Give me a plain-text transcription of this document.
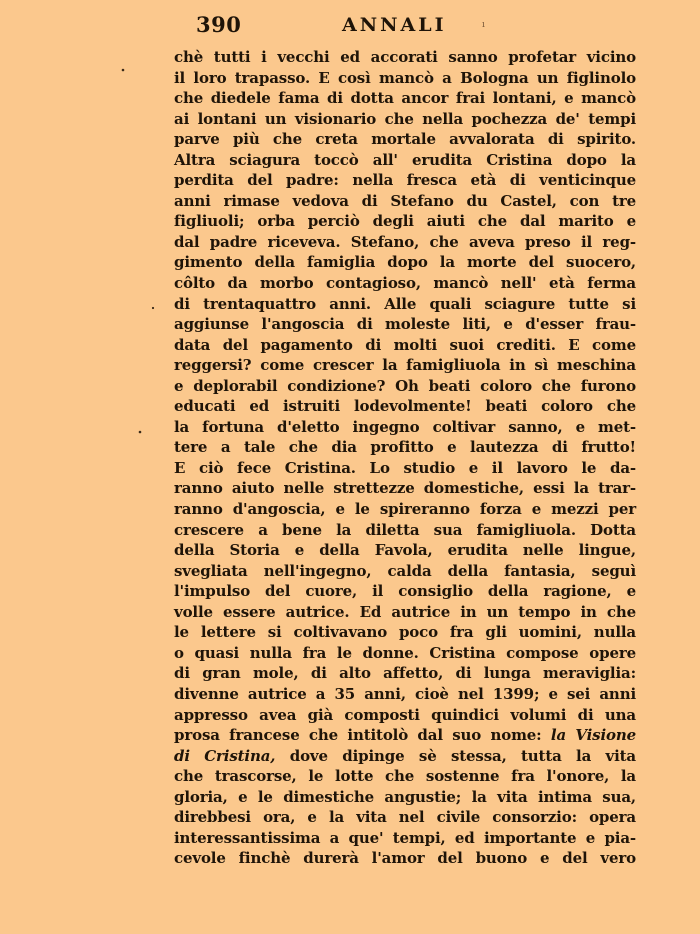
390	ANNALI	ı
chè tutti i vecchi ed accorati sanno profetar vicino
il loro trapasso. E così mancò a Bologna un figlinolo
che diedele fama di dotta ancor frai lontani, e mancò
ai lontani un visionario che nella pochezza de' tempi
parve più che creta mortale avvalorata di spirito.
Altra sciagura toccò all' erudita Cristina dopo la
perdita del padre: nella fresca età di venticinque
anni rimase vedova di Stefano du Castel, con tre
figliuoli; orba perciò degli aiuti che dal marito e
dal padre riceveva. Stefano, che aveva preso il reg-
gimento della famiglia dopo la morte del suocero,
côlto da morbo contagioso, mancò nell' età ferma
di trentaquattro anni. Alle quali sciagure tutte si
aggiunse l'angoscia di moleste liti, e d'esser frau-
data del pagamento di molti suoi crediti. E come
reggersi? come crescer la famigliuola in sì meschina
e deplorabil condizione? Oh beati coloro che furono
educati ed istruiti lodevolmente! beati coloro che
la fortuna d'eletto ingegno coltivar sanno, e met-
tere a tale che dia profitto e lautezza di frutto!
E ciò fece Cristina. Lo studio e il lavoro le da-
ranno aiuto nelle strettezze domestiche, essi la trar-
ranno d'angoscia, e le spireranno forza e mezzi per
crescere a bene la diletta sua famigliuola. Dotta
della Storia e della Favola, erudita nelle lingue,
svegliata nell'ingegno, calda della fantasia, seguì
l'impulso del cuore, il consiglio della ragione, e
volle essere autrice. Ed autrice in un tempo in che
le lettere si coltivavano poco fra gli uomini, nulla
o quasi nulla fra le donne. Cristina compose opere
di gran mole, di alto affetto, di lunga meraviglia:
divenne autrice a 35 anni, cioè nel 1399; e sei anni
appresso avea già composti quindici volumi di una
prosa francese che intitolò dal suo nome: la Visione
di Cristina, dove dipinge sè stessa, tutta la vita
che trascorse, le lotte che sostenne fra l'onore, la
gloria, e le dimestiche angustie; la vita intima sua,
direbbesi ora, e la vita nel civile consorzio: opera
interessantissima a que' tempi, ed importante e pia-
cevole finchè durerà l'amor del buono e del vero
